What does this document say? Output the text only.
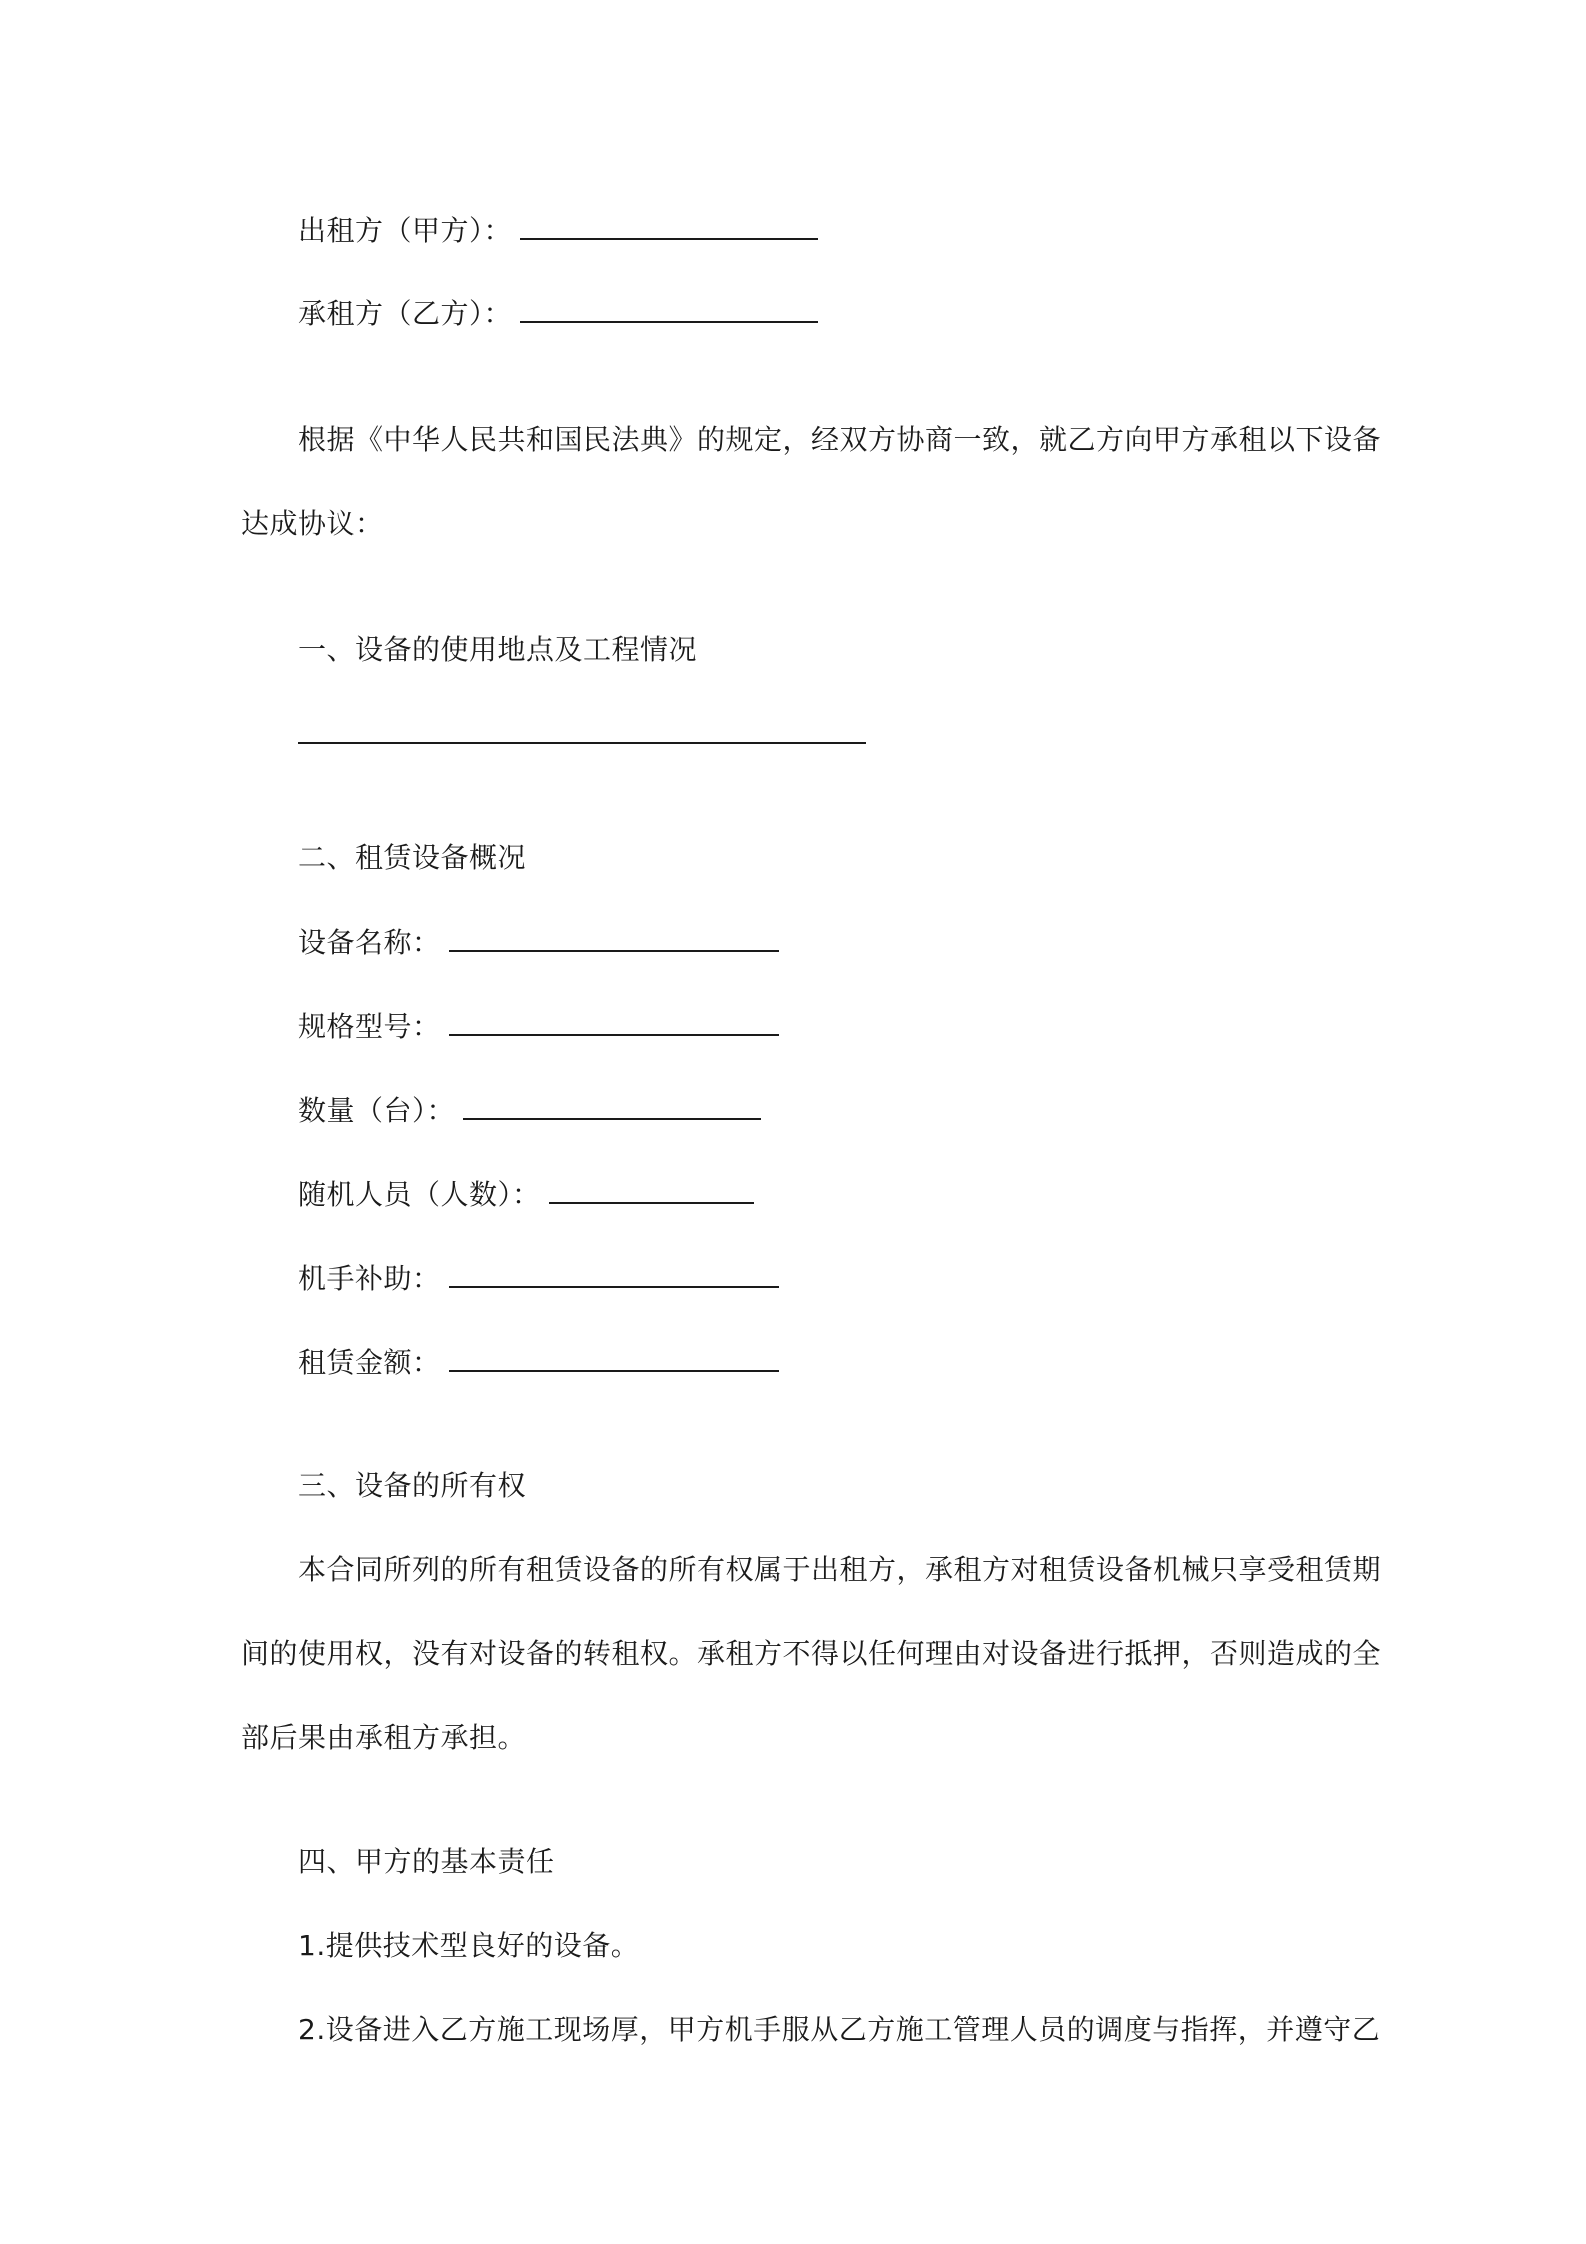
出租方（甲方）：
承租方（乙方）：
根据《中华人民共和国民法典》的规定，经双方协商一致，就乙方向甲方承租以下设备
达成协议：
一、设备的使用地点及工程情况
二、租赁设备概况
设备名称：
规格型号：
数量（台）：
随机人员（人数）：
机手补助：
租赁金额：
三、设备的所有权
本合同所列的所有租赁设备的所有权属于出租方，承租方对租赁设备机械只享受租赁期
间的使用权，没有对设备的转租权。承租方不得以任何理由对设备进行抵押，否则造成的全
部后果由承租方承担。
四、甲方的基本责任
1.提供技术型良好的设备。
2.设备进入乙方施工现场厚，甲方机手服从乙方施工管理人员的调度与指挥，并遵守乙
